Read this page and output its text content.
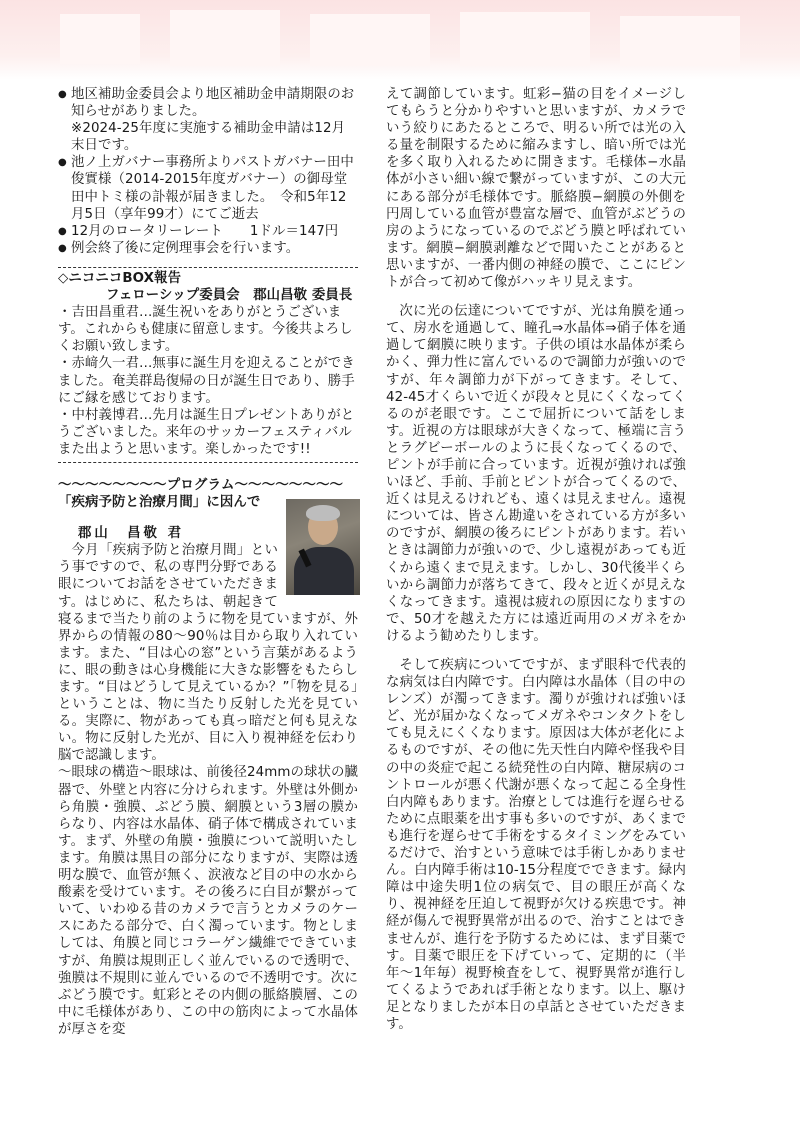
● 地区補助金委員会より地区補助金申請期限のお知らせがありました。
※2024-25年度に実施する補助金申請は12月末日です。
● 池ノ上ガバナー事務所よりパストガバナー田中俊實様（2014-2015年度ガバナー）の御母堂　田中トミ様の訃報が届きました。　令和5年12月5日（享年99才）にてご逝去
● 12月のロータリーレート　　1ドル＝147円
● 例会終了後に定例理事会を行います。
◇ニコニコBOX報告
フェローシップ委員会　郡山昌敬 委員長

・吉田昌重君…誕生祝いをありがとうございます。これからも健康に留意します。今後共よろしくお願い致します。

・赤﨑久一君…無事に誕生月を迎えることができました。奄美群島復帰の日が誕生日であり、勝手にご縁を感じております。

・中村義博君…先月は誕生日プレゼントありがとうございました。来年のサッカーフェスティバルまた出ようと思います。楽しかったです!!

〜〜〜〜〜〜〜〜プログラム〜〜〜〜〜〜〜〜
「疾病予防と治療月間」に因んで
郡山　昌敬 君

今月「疾病予防と治療月間」という事ですので、私の専門分野である眼についてお話をさせていただきます。はじめに、私たちは、朝起きて寝るまで当たり前のように物を見ていますが、外界からの情報の80〜90％は目から取り入れています。また、“目は心の窓”という言葉があるように、眼の動きは心身機能に大きな影響をもたらします。“目はどうして見えているか？”「物を見る」ということは、物に当たり反射した光を見ている。実際に、物があっても真っ暗だと何も見えない。物に反射した光が、目に入り視神経を伝わり脳で認識します。

〜眼球の構造〜眼球は、前後径24mmの球状の臓器で、外壁と内容に分けられます。外壁は外側から角膜・強膜、ぶどう膜、網膜という3層の膜からなり、内容は水晶体、硝子体で構成されています。まず、外壁の角膜・強膜について説明いたします。角膜は黒目の部分になりますが、実際は透明な膜で、血管が無く、涙液など目の中の水から酸素を受けています。その後ろに白目が繋がっていて、いわゆる昔のカメラで言うとカメラのケースにあたる部分で、白く濁っています。物としましては、角膜と同じコラーゲン繊維でできていますが、角膜は規則正しく並んでいるので透明で、強膜は不規則に並んでいるので不透明です。次にぶどう膜です。虹彩とその内側の脈絡膜層、この中に毛様体があり、この中の筋肉によって水晶体が厚さを変

えて調節しています。虹彩−猫の目をイメージしてもらうと分かりやすいと思いますが、カメラでいう絞りにあたるところで、明るい所では光の入る量を制限するために縮みますし、暗い所では光を多く取り入れるために開きます。毛様体−水晶体が小さい細い線で繋がっていますが、この大元にある部分が毛様体です。脈絡膜−網膜の外側を円周している血管が豊富な層で、血管がぶどうの房のようになっているのでぶどう膜と呼ばれています。網膜−網膜剥離などで聞いたことがあると思いますが、一番内側の神経の膜で、ここにピントが合って初めて像がハッキリ見えます。

次に光の伝達についてですが、光は角膜を通って、房水を通過して、瞳孔⇒水晶体⇒硝子体を通過して網膜に映ります。子供の頃は水晶体が柔らかく、弾力性に富んでいるので調節力が強いのですが、年々調節力が下がってきます。そして、42-45才くらいで近くが段々と見にくくなってくるのが老眼です。ここで屈折について話をします。近視の方は眼球が大きくなって、極端に言うとラグビーボールのように長くなってくるので、ピントが手前に合っています。近視が強ければ強いほど、手前、手前とピントが合ってくるので、近くは見えるけれども、遠くは見えません。遠視については、皆さん勘違いをされている方が多いのですが、網膜の後ろにピントがあります。若いときは調節力が強いので、少し遠視があっても近くから遠くまで見えます。しかし、30代後半くらいから調節力が落ちてきて、段々と近くが見えなくなってきます。遠視は疲れの原因になりますので、50才を越えた方には遠近両用のメガネをかけるよう勧めたりします。

そして疾病についてですが、まず眼科で代表的な病気は白内障です。白内障は水晶体（目の中のレンズ）が濁ってきます。濁りが強ければ強いほど、光が届かなくなってメガネやコンタクトをしても見えにくくなります。原因は大体が老化によるものですが、その他に先天性白内障や怪我や目の中の炎症で起こる続発性の白内障、糖尿病のコントロールが悪く代謝が悪くなって起こる全身性白内障もあります。治療としては進行を遅らせるために点眼薬を出す事も多いのですが、あくまでも進行を遅らせて手術をするタイミングをみているだけで、治すという意味では手術しかありません。白内障手術は10-15分程度でできます。緑内障は中途失明1位の病気で、目の眼圧が高くなり、視神経を圧迫して視野が欠ける疾患です。神経が傷んで視野異常が出るので、治すことはできませんが、進行を予防するためには、まず目薬です。目薬で眼圧を下げていって、定期的に（半年〜1年毎）視野検査をして、視野異常が進行してくるようであれば手術となります。以上、駆け足となりましたが本日の卓話とさせていただきます。
